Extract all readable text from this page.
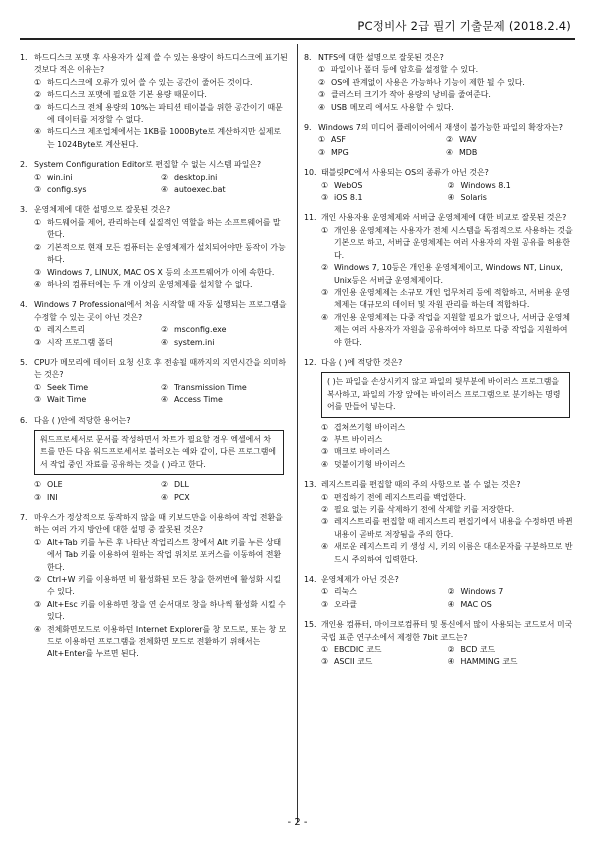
PC정비사 2급 필기 기출문제 (2018.2.4)
1. 하드디스크 포맷 후 사용자가 실제 쓸 수 있는 용량이 하드디스크에 표기된 것보다 적은 이유는?
① 하드디스크에 오류가 있어 쓸 수 있는 공간이 줄어든 것이다.
② 하드디스크 포맷에 필요한 기본 용량 때문이다.
③ 하드디스크 전체 용량의 10%는 파티션 테이블을 위한 공간이기 때문에 데이터를 저장할 수 없다.
④ 하드디스크 제조업체에서는 1KB를 1000Byte로 계산하지만 실제로는 1024Byte로 계산된다.
2. System Configuration Editor로 편집할 수 없는 시스템 파일은?
① win.ini	② desktop.ini
③ config.sys	④ autoexec.bat
3. 운영체제에 대한 설명으로 잘못된 것은?
① 하드웨어를 제어, 관리하는데 실질적인 역할을 하는 소프트웨어를 말한다.
② 기본적으로 현재 모든 컴퓨터는 운영체제가 설치되어야만 동작이 가능하다.
③ Windows 7, LINUX, MAC OS X 등의 소프트웨어가 이에 속한다.
④ 하나의 컴퓨터에는 두 개 이상의 운영체제를 설치할 수 없다.
4. Windows 7 Professional에서 처음 시작할 때 자동 실행되는 프로그램을 수정할 수 있는 곳이 아닌 것은?
① 레지스트리	② msconfig.exe
③ 시작 프로그램 폴더	④ system.ini
5. CPU가 메모리에 데이터 요청 신호 후 전송될 때까지의 지연시간을 의미하는 것은?
① Seek Time	② Transmission Time
③ Wait Time	④ Access Time
6. 다음 ( )안에 적당한 용어는?
워드프로세서로 문서를 작성하면서 차트가 필요할 경우 엑셀에서 차트를 만든 다음 워드프로세서로 불러오는 예와 같이, 다른 프로그램에서 작업 중인 자료를 공유하는 것을 ( )라고 한다.
① OLE	② DLL
③ INI	④ PCX
7. 마우스가 정상적으로 동작하지 않을 때 키보드만을 이용하여 작업 전환을 하는 여러 가지 방안에 대한 설명 중 잘못된 것은?
① Alt+Tab 키를 누른 후 나타난 작업리스트 창에서 Alt 키를 누른 상태에서 Tab 키를 이용하여 원하는 작업 위치로 포커스를 이동하여 전환한다.
② Ctrl+W 키를 이용하면 비 활성화된 모든 창을 한꺼번에 활성화 시킬 수 있다.
③ Alt+Esc 키를 이용하면 창을 연 순서대로 창을 하나씩 활성화 시킬 수 있다.
④ 전체화면모드로 이용하던 Internet Explorer를 창 모드로, 또는 창 모드로 이용하던 프로그램을 전체화면 모드로 전환하기 위해서는 Alt+Enter를 누르면 된다.
8. NTFS에 대한 설명으로 잘못된 것은?
① 파일이나 폴더 등에 암호를 설정할 수 있다.
② OS에 관계없이 사용은 가능하나 기능이 제한 될 수 있다.
③ 클러스터 크기가 작아 용량의 낭비를 줄여준다.
④ USB 메모리 에서도 사용할 수 있다.
9. Windows 7의 미디어 플레이어에서 재생이 불가능한 파일의 확장자는?
① ASF	② WAV
③ MPG	④ MDB
10. 태블릿PC에서 사용되는 OS의 종류가 아닌 것은?
① WebOS	② Windows 8.1
③ iOS 8.1	④ Solaris
11. 개인 사용자용 운영체제와 서버급 운영체제에 대한 비교로 잘못된 것은?
① 개인용 운영체제는 사용자가 전체 시스템을 독점적으로 사용하는 것을 기본으로 하고, 서버급 운영체제는 여러 사용자의 자원 공유를 허용한다.
② Windows 7, 10등은 개인용 운영체제이고, Windows NT, Linux, Unix등은 서버급 운영체제이다.
③ 개인용 운영체제는 소규모 개인 업무처리 등에 적합하고, 서버용 운영체제는 대규모의 데이터 및 자원 관리를 하는데 적합하다.
④ 개인용 운영체제는 다중 작업을 지원할 필요가 없으나, 서버급 운영체제는 여러 사용자가 자원을 공유하여야 하므로 다중 작업을 지원하여야 한다.
12. 다음 ( )에 적당한 것은?
( )는 파일을 손상시키지 않고 파일의 뒷부분에 바이러스 프로그램을 복사하고, 파일의 가장 앞에는 바이러스 프로그램으로 분기하는 명령어를 만들어 넣는다.
① 겹쳐쓰기형 바이러스
② 부트 바이러스
③ 매크로 바이러스
④ 덧붙이기형 바이러스
13. 레지스트리를 편집할 때의 주의 사항으로 볼 수 없는 것은?
① 편집하기 전에 레지스트리를 백업한다.
② 필요 없는 키를 삭제하기 전에 삭제할 키를 저장한다.
③ 레지스트리를 편집할 때 레지스트리 편집기에서 내용을 수정하면 바뀐 내용이 곧바로 저장됨을 주의 한다.
④ 새로운 레지스트리 키 생성 시, 키의 이름은 대소문자를 구분하므로 반드시 주의하여 입력한다.
14. 운영체제가 아닌 것은?
① 리눅스	② Windows 7
③ 오라클	④ MAC OS
15. 개인용 컴퓨터, 마이크로컴퓨터 및 통신에서 많이 사용되는 코드로서 미국 국립 표준 연구소에서 제정한 7bit 코드는?
① EBCDIC 코드	② BCD 코드
③ ASCII 코드	④ HAMMING 코드
- 2 -
